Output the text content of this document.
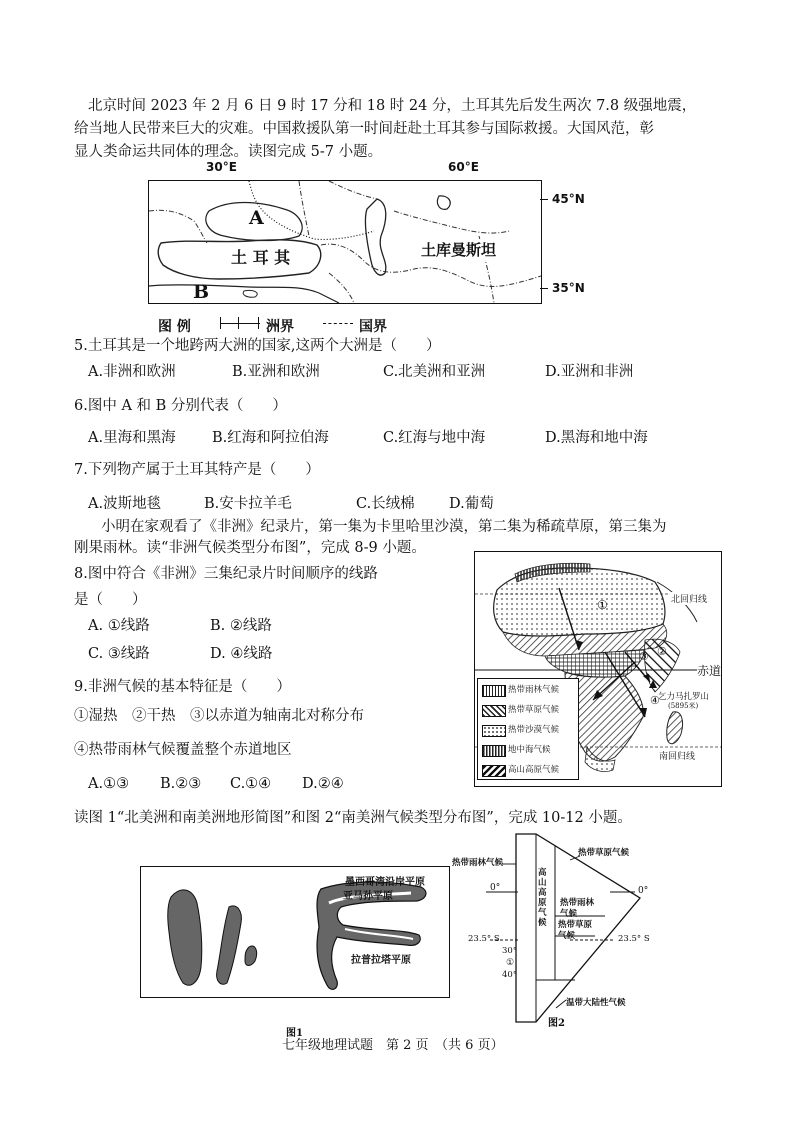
北京时间 2023 年 2 月 6 日 9 时 17 分和 18 时 24 分，土耳其先后发生两次 7.8 级强地震，
给当地人民带来巨大的灾难。中国救援队第一时间赶赴土耳其参与国际救援。大国风范，彰
显人类命运共同体的理念。读图完成 5-7 小题。
30°E	60°E
A
B
土 耳 其	土库曼斯坦
45°N
35°N
图 例	洲界	国界
5.土耳其是一个地跨两大洲的国家,这两个大洲是（　　）
A.非洲和欧洲	B.亚洲和欧洲	C.北美洲和亚洲	D.亚洲和非洲
6.图中 A 和 B 分别代表（　　）
A.里海和黑海	B.红海和阿拉伯海	C.红海与地中海	D.黑海和地中海
7.下列物产属于土耳其特产是（　　）
A.波斯地毯	B.安卡拉羊毛	C.长绒棉 D.葡萄
小明在家观看了《非洲》纪录片，第一集为卡里哈里沙漠，第二集为稀疏草原，第三集为
刚果雨林。读“非洲气候类型分布图”，完成 8-9 小题。
8.图中符合《非洲》三集纪录片时间顺序的线路
是（　　）
A. ①线路	B. ②线路
C. ③线路	D. ④线路
9.非洲气候的基本特征是（　　）
①湿热　②干热　③以赤道为轴南北对称分布
④热带雨林气候覆盖整个赤道地区
A.①③ B.②③ C.①④ D.②④
①
②
③
④
北回归线
赤道
乞力马扎罗山
(5895米)
南回归线
热带雨林气候
热带草原气候
热带沙漠气候
地中海气候
高山高原气候
读图 1“北美洲和南美洲地形简图”和图 2“南美洲气候类型分布图”，完成 10-12 小题。
墨西哥湾沿岸平原
亚马孙平原
拉普拉塔平原
图1
热带雨林气候
热带草原气候
0°	0°
高山高原气候
热带雨林气候
热带草原气候
23.5° S	23.5° S
30°
①
40°
温带大陆性气候
图2
七年级地理试题　第 2 页　（共 6 页）
